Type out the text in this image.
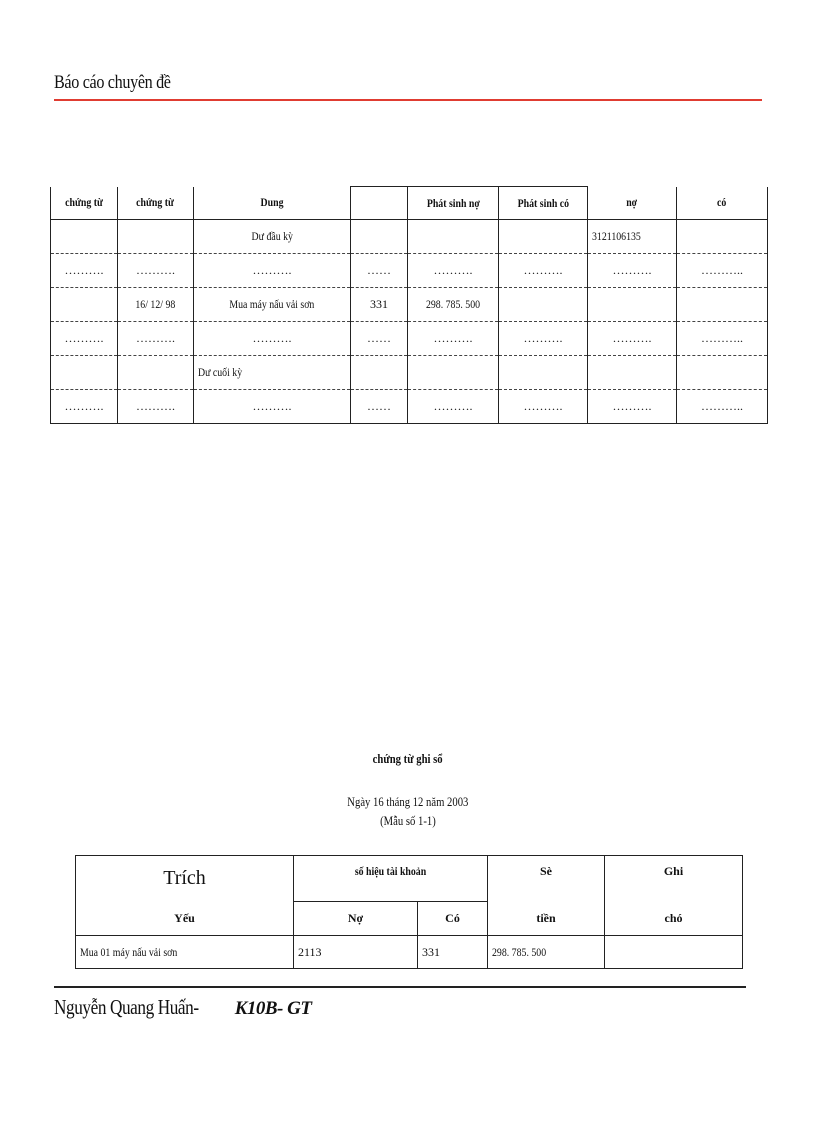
Báo cáo chuyên đề
chứng từ	chứng từ	Dung		Phát sinh nợ	Phát sinh có	nợ	có
		Dư đầu kỳ				3121106135	
……….	……….	……….	……	……….	……….	……….	………..
	16/ 12/ 98	Mua máy nấu vải sơn	331	298. 785. 500			
……….	……….	……….	……	……….	……….	……….	………..
		Dư cuối kỳ					
……….	……….	……….	……	……….	……….	……….	………..
chứng từ ghi sổ
Ngày 16 tháng 12 năm 2003
(Mẫu số 1-1)
Trích	số hiệu tài khoản		Sè	Ghi
Yếu	Nợ	Có	tiền	chó
Mua 01 máy nấu vải sơn	2113	331	298. 785. 500	
Nguyễn Quang Huấn- K10B- GT
